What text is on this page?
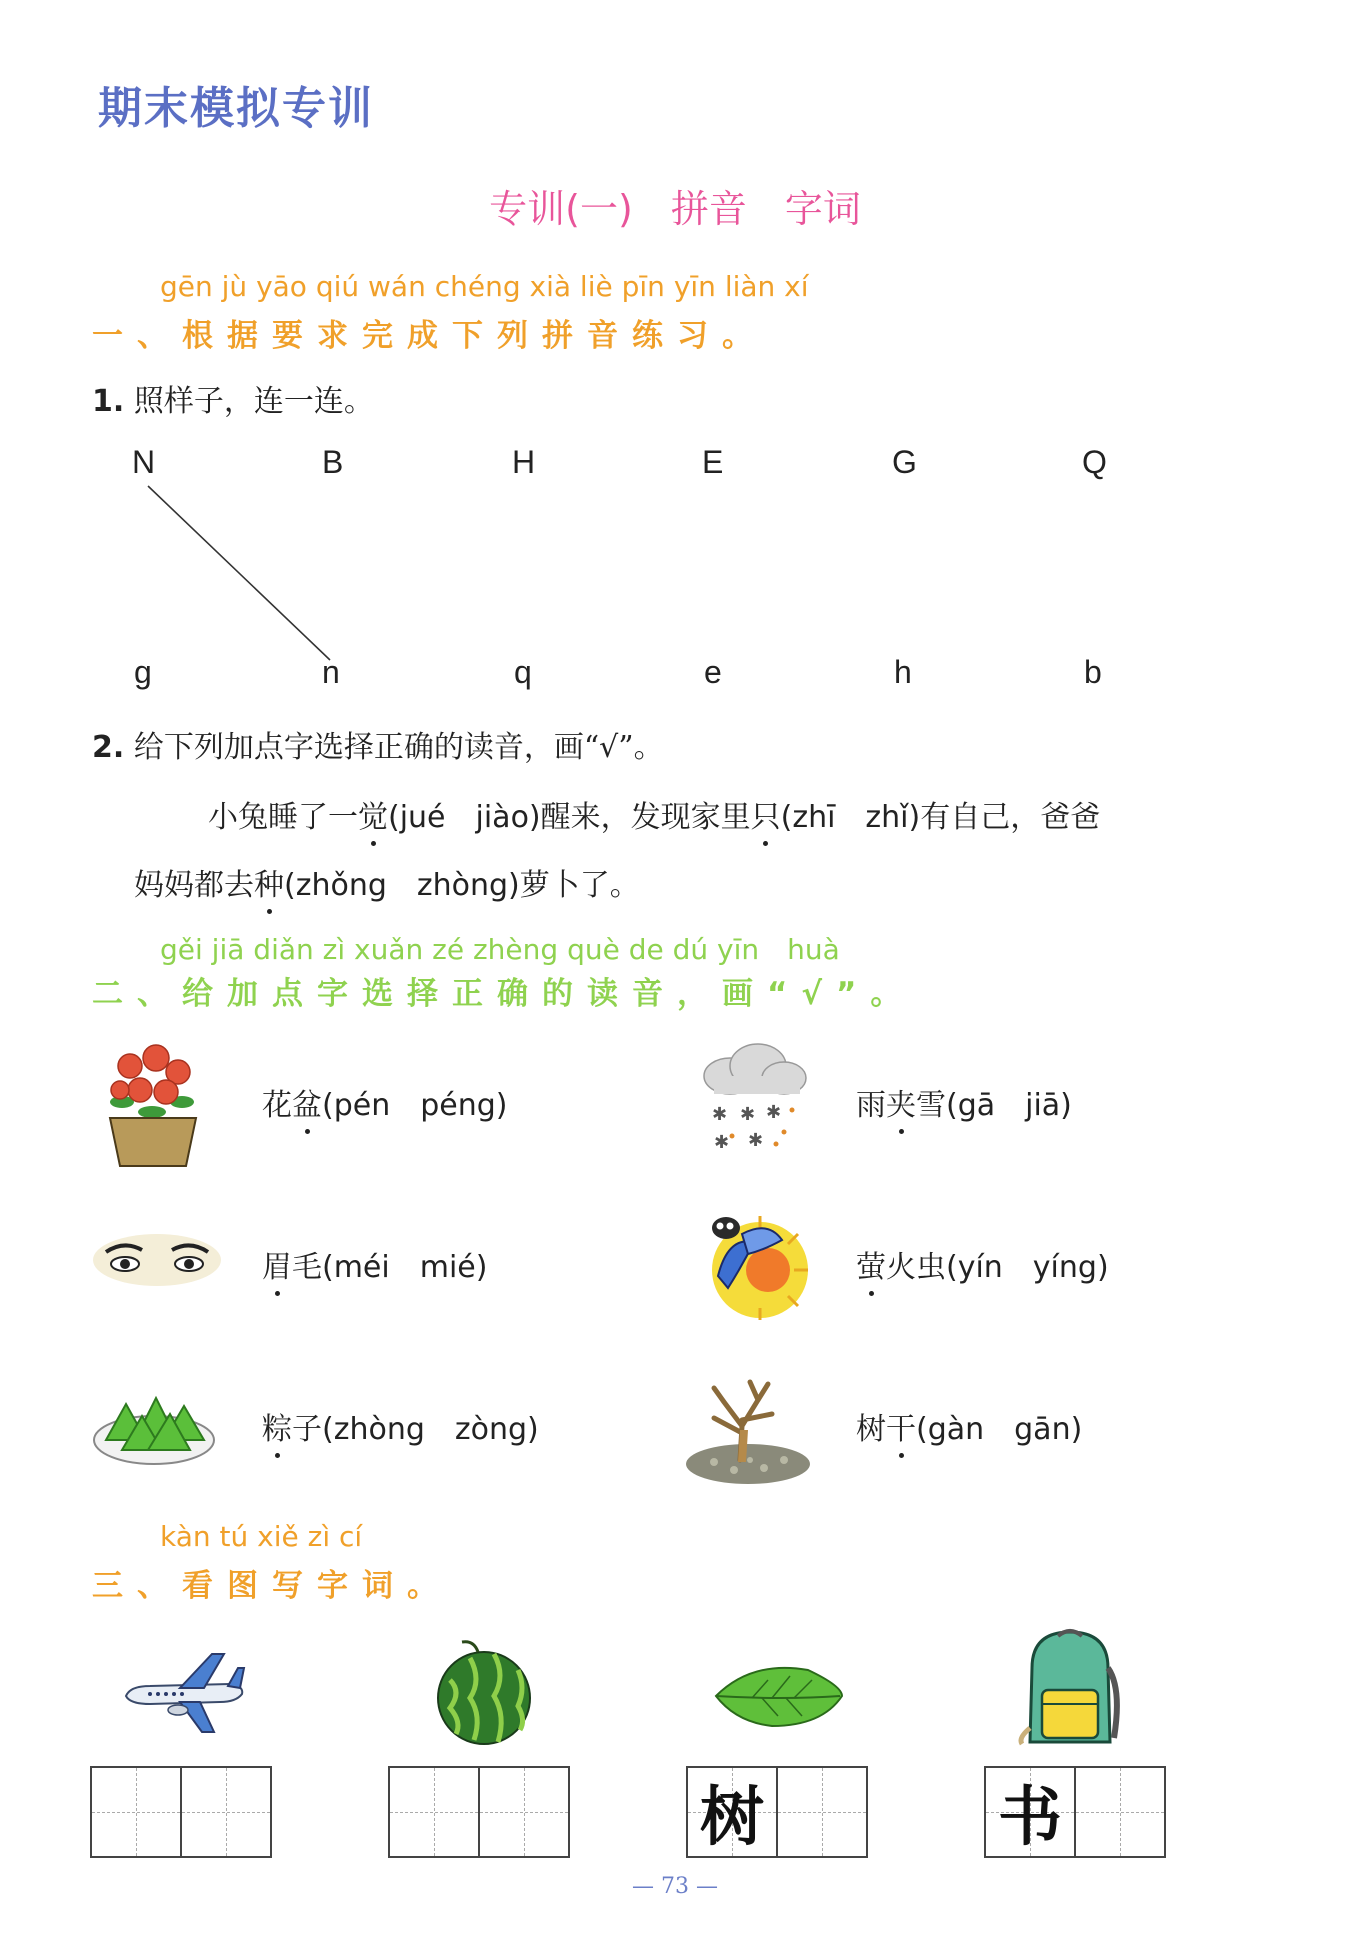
期末模拟专训
专训(一)　拼音　字词
gēn jù yāo qiú wán chéng xià liè pīn yīn liàn xí
一、根据要求完成下列拼音练习。
1. 照样子，连一连。
N	B	H	E	G	Q
g	n	q	e	h	b
2. 给下列加点字选择正确的读音，画“√”。
小兔睡了一觉(jué　jiào)醒来，发现家里只(zhī　zhǐ)有自己，爸爸
妈妈都去种(zhǒng　zhòng)萝卜了。
gěi jiā diǎn zì xuǎn zé zhèng què de dú yīn　huà
二、给加点字选择正确的读音，画“√”。
✱ ✱ ✱
✱ ✱
花盆(pén　péng)	雨夹雪(gā　jiā)
眉毛(méi　mié)	萤火虫(yín　yíng)
粽子(zhòng　zòng)	树干(gàn　gān)
kàn tú xiě zì cí
三、看图写字词。
树	书
— 73 —
